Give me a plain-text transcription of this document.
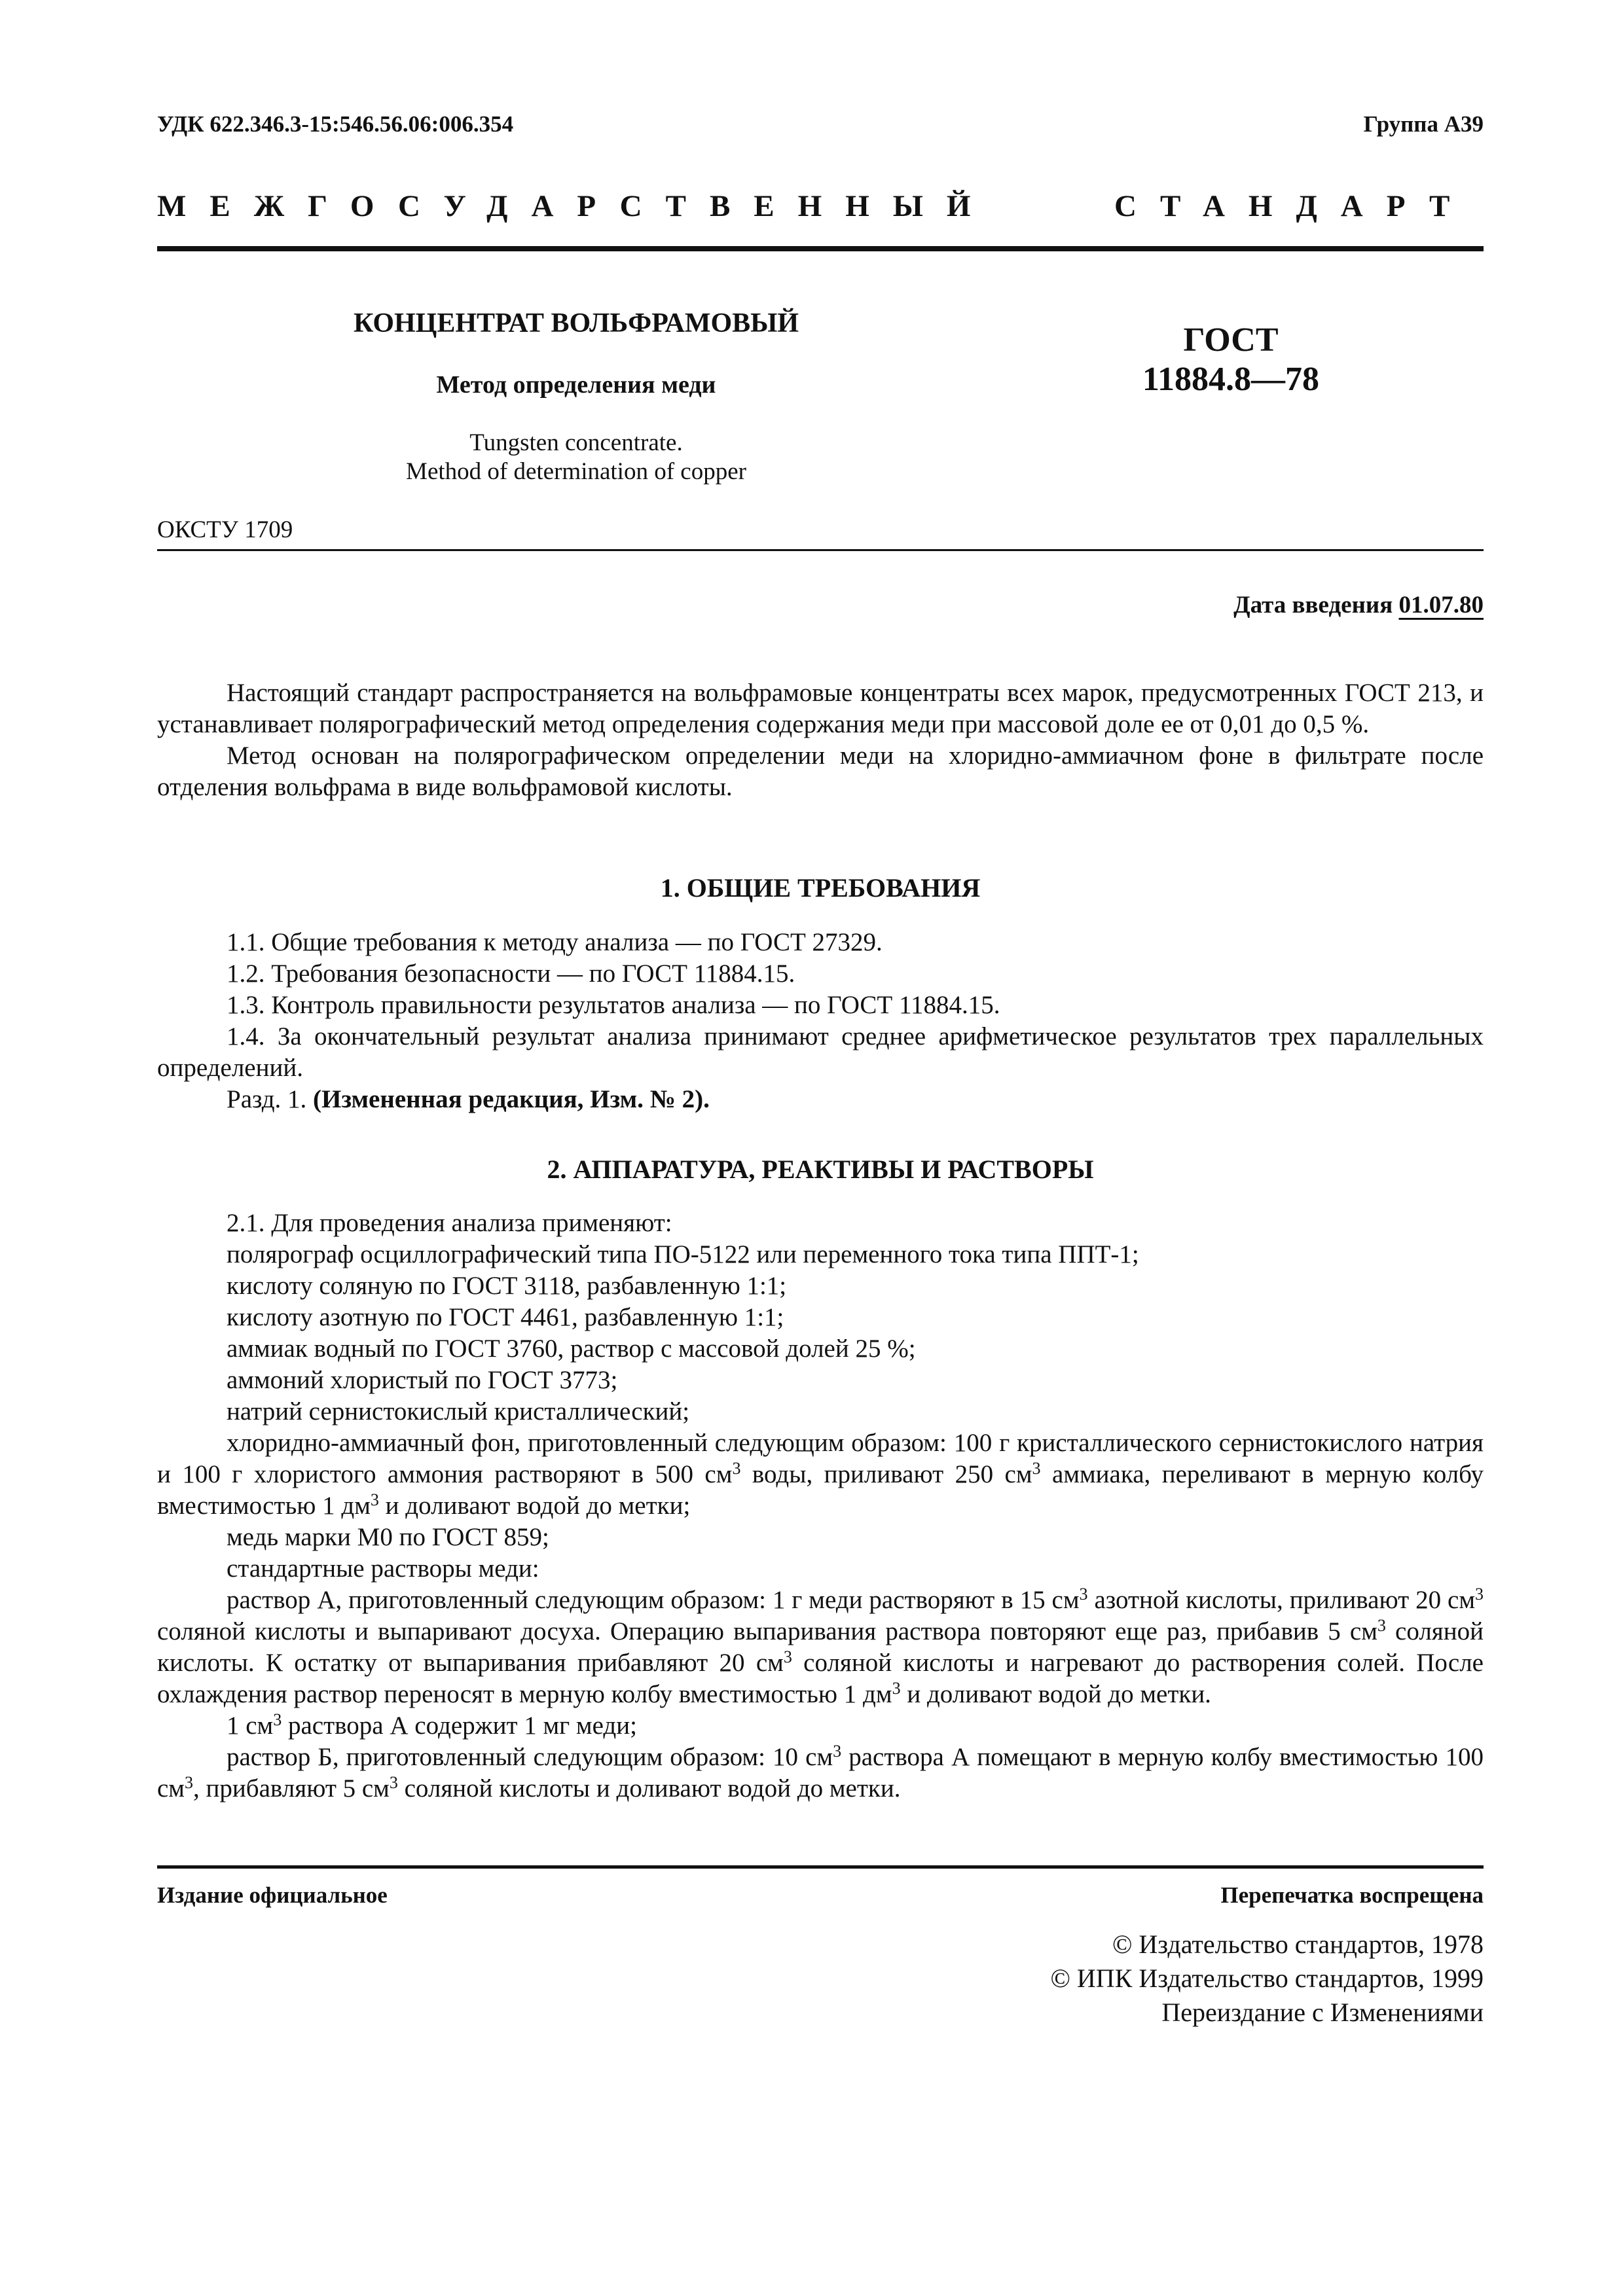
УДК 622.346.3-15:546.56.06:006.354	Группа А39
МЕЖГОСУДАРСТВЕННЫЙ	СТАНДАРТ
КОНЦЕНТРАТ ВОЛЬФРАМОВЫЙ
Метод определения меди
Tungsten concentrate.
Method of determination of copper
ГОСТ
11884.8—78
ОКСТУ 1709
Дата введения 01.07.80

Настоящий стандарт распространяется на вольфрамовые концентраты всех марок, предусмотренных ГОСТ 213, и устанавливает полярографический метод определения содержания меди при массовой доле ее от 0,01 до 0,5 %.

Метод основан на полярографическом определении меди на хлоридно-аммиачном фоне в фильтрате после отделения вольфрама в виде вольфрамовой кислоты.

1. ОБЩИЕ ТРЕБОВАНИЯ

1.1. Общие требования к методу анализа — по ГОСТ 27329.

1.2. Требования безопасности — по ГОСТ 11884.15.

1.3. Контроль правильности результатов анализа — по ГОСТ 11884.15.

1.4. За окончательный результат анализа принимают среднее арифметическое результатов трех параллельных определений.

Разд. 1. (Измененная редакция, Изм. № 2).

2. АППАРАТУРА, РЕАКТИВЫ И РАСТВОРЫ

2.1. Для проведения анализа применяют:

полярограф осциллографический типа ПО-5122 или переменного тока типа ППТ-1;

кислоту соляную по ГОСТ 3118, разбавленную 1:1;

кислоту азотную по ГОСТ 4461, разбавленную 1:1;

аммиак водный по ГОСТ 3760, раствор с массовой долей 25 %;

аммоний хлористый по ГОСТ 3773;

натрий сернистокислый кристаллический;

хлоридно-аммиачный фон, приготовленный следующим образом: 100 г кристаллического сернистокислого натрия и 100 г хлористого аммония растворяют в 500 $см^3$ воды, приливают 250 $см^3$ аммиака, переливают в мерную колбу вместимостью 1 $дм^3$ и доливают водой до метки;

медь марки М0 по ГОСТ 859;

стандартные растворы меди:

раствор А, приготовленный следующим образом: 1 г меди растворяют в 15 $см^3$ азотной кислоты, приливают 20 $см^3$ соляной кислоты и выпаривают досуха. Операцию выпаривания раствора повторяют еще раз, прибавив 5 $см^3$ соляной кислоты. К остатку от выпаривания прибавляют 20 $см^3$ соляной кислоты и нагревают до растворения солей. После охлаждения раствор переносят в мерную колбу вместимостью 1 $дм^3$ и доливают водой до метки.

1 $см^3$ раствора А содержит 1 мг меди;

раствор Б, приготовленный следующим образом: 10 $см^3$ раствора А помещают в мерную колбу вместимостью 100 $см^3$, прибавляют 5 $см^3$ соляной кислоты и доливают водой до метки.

Издание официальное	Перепечатка воспрещена
© Издательство стандартов, 1978
© ИПК Издательство стандартов, 1999
Переиздание с Изменениями
